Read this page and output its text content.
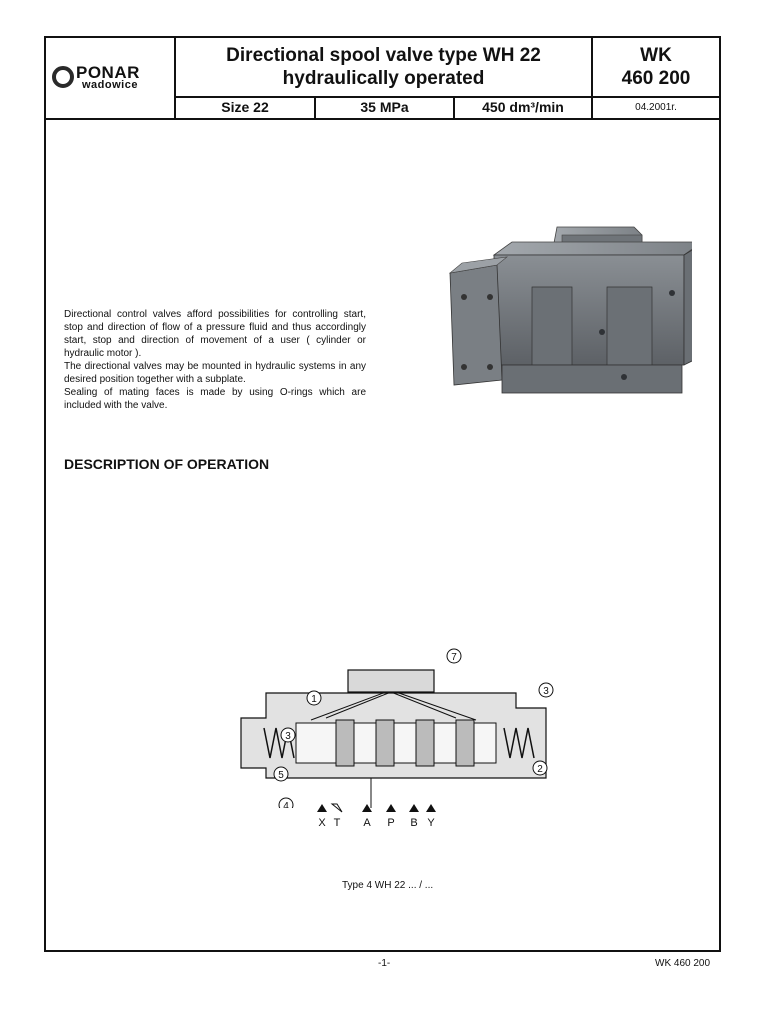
PONAR
wadowice
Directional spool valve type WH 22
hydraulically operated
Size 22	35 MPa	450 dm³/min
WK
460 200
04.2001r.

Directional control valves afford possibilities for controlling start, stop and direction of flow of a pressure fluid and thus accordingly start, stop and direction of movement of a user ( cylinder or hydraulic motor ).

The directional valves may be mounted in hydraulic systems in any desired position together with a subplate.

Sealing of mating faces is made by using O-rings which are included with the valve.

DESCRIPTION OF OPERATION
7
1
3
5
4
X T A P B Y
3
2
Type 4 WH 22 ... / ...
-1-	WK 460 200
